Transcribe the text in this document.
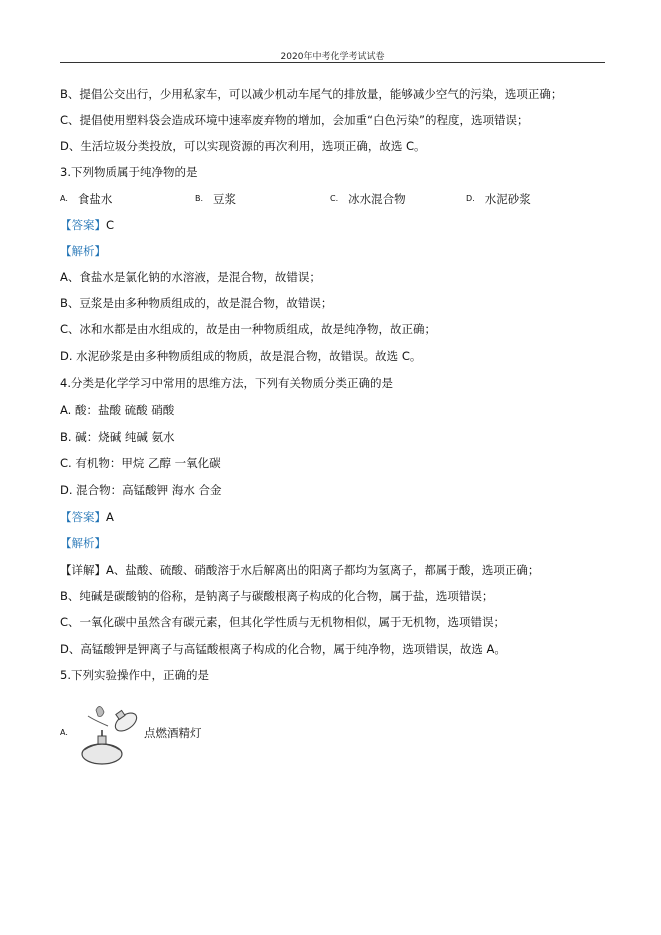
2020年中考化学考试试卷
B、提倡公交出行，少用私家车，可以减少机动车尾气的排放量，能够减少空气的污染，选项正确；
C、提倡使用塑料袋会造成环境中速率废弃物的增加，会加重“白色污染”的程度，选项错误；
D、生活垃圾分类投放，可以实现资源的再次利用，选项正确，故选 C。
3.下列物质属于纯净物的是
A. 食盐水	B. 豆浆	C. 冰水混合物	D. 水泥砂浆
【答案】C
【解析】
A、食盐水是氯化钠的水溶液，是混合物，故错误；
B、豆浆是由多种物质组成的，故是混合物，故错误；
C、冰和水都是由水组成的，故是由一种物质组成，故是纯净物，故正确；
D. 水泥砂浆是由多种物质组成的物质，故是混合物，故错误。故选 C。
4.分类是化学学习中常用的思维方法，下列有关物质分类正确的是
A. 酸：盐酸 硫酸 硝酸
B. 碱：烧碱 纯碱 氨水
C. 有机物：甲烷 乙醇 一氧化碳
D. 混合物：高锰酸钾 海水 合金
【答案】A
【解析】
【详解】A、盐酸、硫酸、硝酸溶于水后解离出的阳离子都均为氢离子，都属于酸，选项正确；
B、纯碱是碳酸钠的俗称，是钠离子与碳酸根离子构成的化合物，属于盐，选项错误；
C、一氧化碳中虽然含有碳元素，但其化学性质与无机物相似，属于无机物，选项错误；
D、高锰酸钾是钾离子与高锰酸根离子构成的化合物，属于纯净物，选项错误，故选 A。
5.下列实验操作中，正确的是
A.	点燃酒精灯
